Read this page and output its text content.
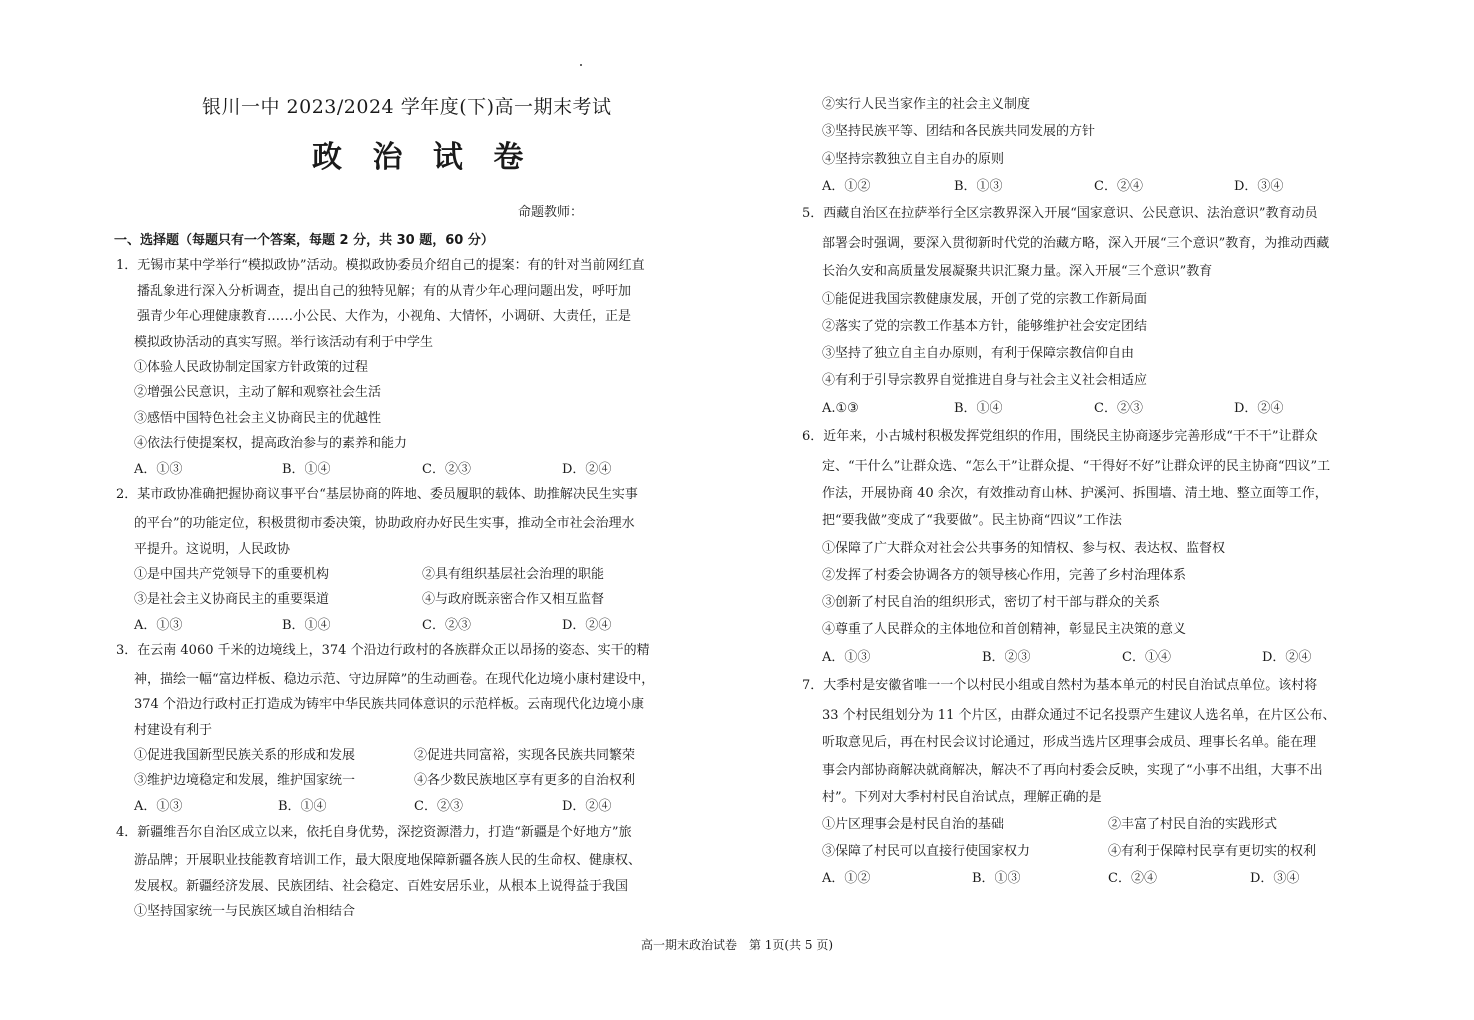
银川一中 2023/2024 学年度(下)高一期末考试
政 治 试 卷
命题教师：
一、选择题（每题只有一个答案，每题 2 分，共 30 题，60 分）
1．无锡市某中学举行“模拟政协”活动。模拟政协委员介绍自己的提案：有的针对当前网红直
播乱象进行深入分析调查，提出自己的独特见解；有的从青少年心理问题出发，呼吁加
强青少年心理健康教育……小公民、大作为，小视角、大情怀，小调研、大责任，正是
模拟政协活动的真实写照。举行该活动有利于中学生
①体验人民政协制定国家方针政策的过程
②增强公民意识，主动了解和观察社会生活
③感悟中国特色社会主义协商民主的优越性
④依法行使提案权，提高政治参与的素养和能力
A．①③	B．①④	C．②③	D．②④
2．某市政协准确把握协商议事平台“基层协商的阵地、委员履职的载体、助推解决民生实事
的平台”的功能定位，积极贯彻市委决策，协助政府办好民生实事，推动全市社会治理水
平提升。这说明，人民政协
①是中国共产党领导下的重要机构	②具有组织基层社会治理的职能
③是社会主义协商民主的重要渠道	④与政府既亲密合作又相互监督
A．①③	B．①④	C．②③	D．②④
3．在云南 4060 千米的边境线上，374 个沿边行政村的各族群众正以昂扬的姿态、实干的精
神，描绘一幅“富边样板、稳边示范、守边屏障”的生动画卷。在现代化边境小康村建设中，
374 个沿边行政村正打造成为铸牢中华民族共同体意识的示范样板。云南现代化边境小康
村建设有利于
①促进我国新型民族关系的形成和发展	②促进共同富裕，实现各民族共同繁荣
③维护边境稳定和发展，维护国家统一	④各少数民族地区享有更多的自治权利
A．①③	B．①④	C．②③	D．②④
4．新疆维吾尔自治区成立以来，依托自身优势，深挖资源潜力，打造“新疆是个好地方”旅
游品牌；开展职业技能教育培训工作，最大限度地保障新疆各族人民的生命权、健康权、
发展权。新疆经济发展、民族团结、社会稳定、百姓安居乐业，从根本上说得益于我国
①坚持国家统一与民族区域自治相结合
②实行人民当家作主的社会主义制度
③坚持民族平等、团结和各民族共同发展的方针
④坚持宗教独立自主自办的原则
A．①②	B．①③	C．②④	D．③④
5．西藏自治区在拉萨举行全区宗教界深入开展“国家意识、公民意识、法治意识”教育动员
部署会时强调，要深入贯彻新时代党的治藏方略，深入开展“三个意识”教育，为推动西藏
长治久安和高质量发展凝聚共识汇聚力量。深入开展“三个意识”教育
①能促进我国宗教健康发展，开创了党的宗教工作新局面
②落实了党的宗教工作基本方针，能够维护社会安定团结
③坚持了独立自主自办原则，有利于保障宗教信仰自由
④有利于引导宗教界自觉推进自身与社会主义社会相适应
A.①③	B．①④	C．②③	D．②④
6．近年来，小古城村积极发挥党组织的作用，围绕民主协商逐步完善形成“干不干”让群众
定、“干什么”让群众选、“怎么干”让群众提、“干得好不好”让群众评的民主协商“四议”工
作法，开展协商 40 余次，有效推动育山林、护溪河、拆围墙、清土地、整立面等工作，
把“要我做”变成了“我要做”。民主协商“四议”工作法
①保障了广大群众对社会公共事务的知情权、参与权、表达权、监督权
②发挥了村委会协调各方的领导核心作用，完善了乡村治理体系
③创新了村民自治的组织形式，密切了村干部与群众的关系
④尊重了人民群众的主体地位和首创精神，彰显民主决策的意义
A．①③	B．②③	C．①④	D．②④
7．大季村是安徽省唯一一个以村民小组或自然村为基本单元的村民自治试点单位。该村将
33 个村民组划分为 11 个片区，由群众通过不记名投票产生建议人选名单，在片区公布、
听取意见后，再在村民会议讨论通过，形成当选片区理事会成员、理事长名单。能在理
事会内部协商解决就商解决，解决不了再向村委会反映，实现了“小事不出组，大事不出
村”。下列对大季村村民自治试点，理解正确的是
①片区理事会是村民自治的基础	②丰富了村民自治的实践形式
③保障了村民可以直接行使国家权力	④有利于保障村民享有更切实的权利
A．①②	B．①③	C．②④	D．③④
高一期末政治试卷　第 1页(共 5 页)
